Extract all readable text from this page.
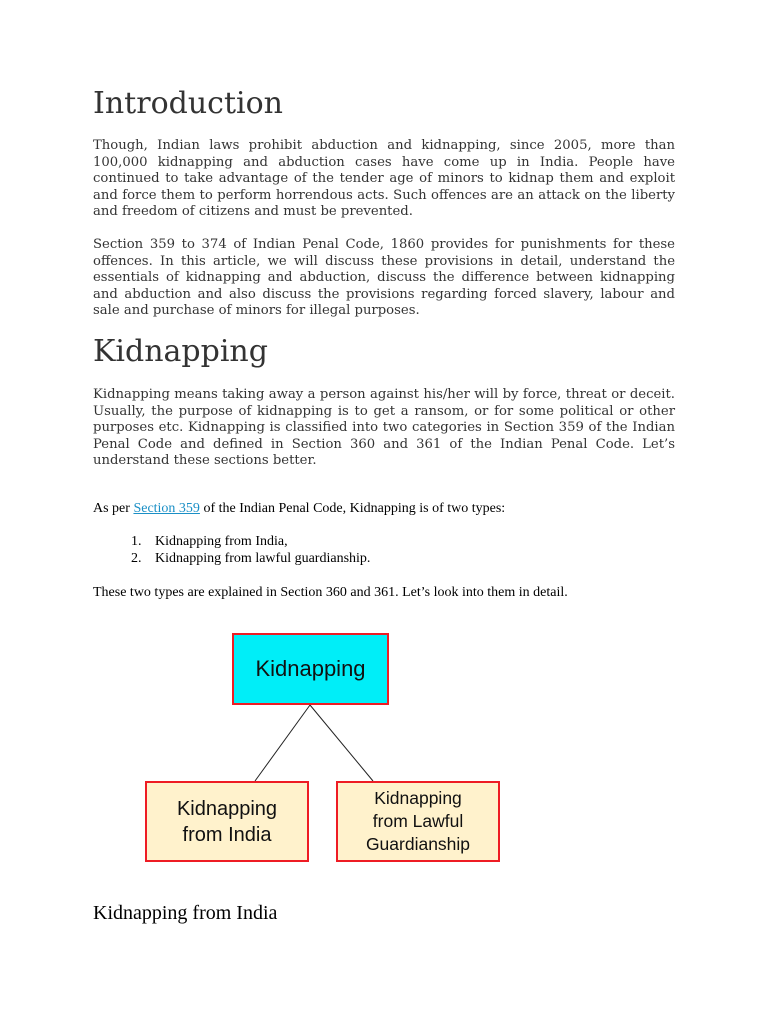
Introduction

Though, Indian laws prohibit abduction and kidnapping, since 2005, more than 100,000 kidnapping and abduction cases have come up in India. People have continued to take advantage of the tender age of minors to kidnap them and exploit and force them to perform horrendous acts. Such offences are an attack on the liberty and freedom of citizens and must be prevented.

Section 359 to 374 of Indian Penal Code, 1860 provides for punishments for these offences. In this article, we will discuss these provisions in detail, understand the essentials of kidnapping and abduction, discuss the difference between kidnapping and abduction and also discuss the provisions regarding forced slavery, labour and sale and purchase of minors for illegal purposes.

Kidnapping

Kidnapping means taking away a person against his/her will by force, threat or deceit. Usually, the purpose of kidnapping is to get a ransom, or for some political or other purposes etc. Kidnapping is classified into two categories in Section 359 of the Indian Penal Code and defined in Section 360 and 361 of the Indian Penal Code. Let’s understand these sections better.

As per Section 359 of the Indian Penal Code, Kidnapping is of two types:

1. Kidnapping from India,
2. Kidnapping from lawful guardianship.

These two types are explained in Section 360 and 361. Let’s look into them in detail.

Kidnapping from India
Kidnapping
Kidnapping
from India
Kidnapping
from Lawful
Guardianship
